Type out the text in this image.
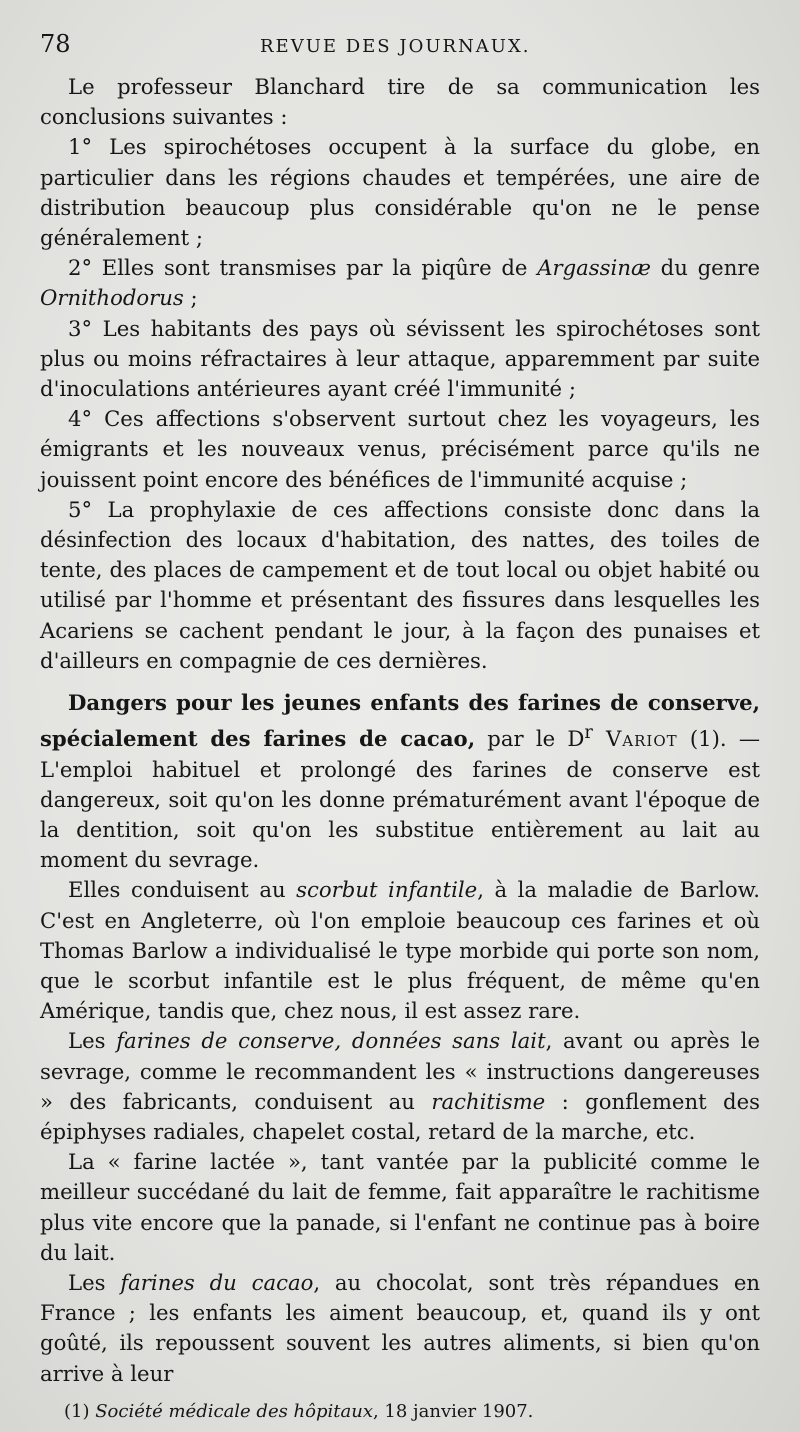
78	REVUE DES JOURNAUX.

Le professeur Blanchard tire de sa communication les conclusions suivantes :

1° Les spirochétoses occupent à la surface du globe, en particulier dans les régions chaudes et tempérées, une aire de distribution beaucoup plus considérable qu'on ne le pense généralement ;

2° Elles sont transmises par la piqûre de Argassinæ du genre Ornithodorus ;

3° Les habitants des pays où sévissent les spirochétoses sont plus ou moins réfractaires à leur attaque, apparemment par suite d'inoculations antérieures ayant créé l'immunité ;

4° Ces affections s'observent surtout chez les voyageurs, les émigrants et les nouveaux venus, précisément parce qu'ils ne jouissent point encore des bénéfices de l'immunité acquise ;

5° La prophylaxie de ces affections consiste donc dans la désinfection des locaux d'habitation, des nattes, des toiles de tente, des places de campement et de tout local ou objet habité ou utilisé par l'homme et présentant des fissures dans lesquelles les Acariens se cachent pendant le jour, à la façon des punaises et d'ailleurs en compagnie de ces dernières.

Dangers pour les jeunes enfants des farines de conserve, spécialement des farines de cacao, par le $D^r$ Variot (1). — L'emploi habituel et prolongé des farines de conserve est dangereux, soit qu'on les donne prématurément avant l'époque de la dentition, soit qu'on les substitue entièrement au lait au moment du sevrage.

Elles conduisent au scorbut infantile, à la maladie de Barlow. C'est en Angleterre, où l'on emploie beaucoup ces farines et où Thomas Barlow a individualisé le type morbide qui porte son nom, que le scorbut infantile est le plus fréquent, de même qu'en Amérique, tandis que, chez nous, il est assez rare.

Les farines de conserve, données sans lait, avant ou après le sevrage, comme le recommandent les « instructions dangereuses » des fabricants, conduisent au rachitisme : gonflement des épiphyses radiales, chapelet costal, retard de la marche, etc.

La « farine lactée », tant vantée par la publicité comme le meilleur succédané du lait de femme, fait apparaître le rachitisme plus vite encore que la panade, si l'enfant ne continue pas à boire du lait.

Les farines du cacao, au chocolat, sont très répandues en France ; les enfants les aiment beaucoup, et, quand ils y ont goûté, ils repoussent souvent les autres aliments, si bien qu'on arrive à leur

(1) Société médicale des hôpitaux, 18 janvier 1907.
